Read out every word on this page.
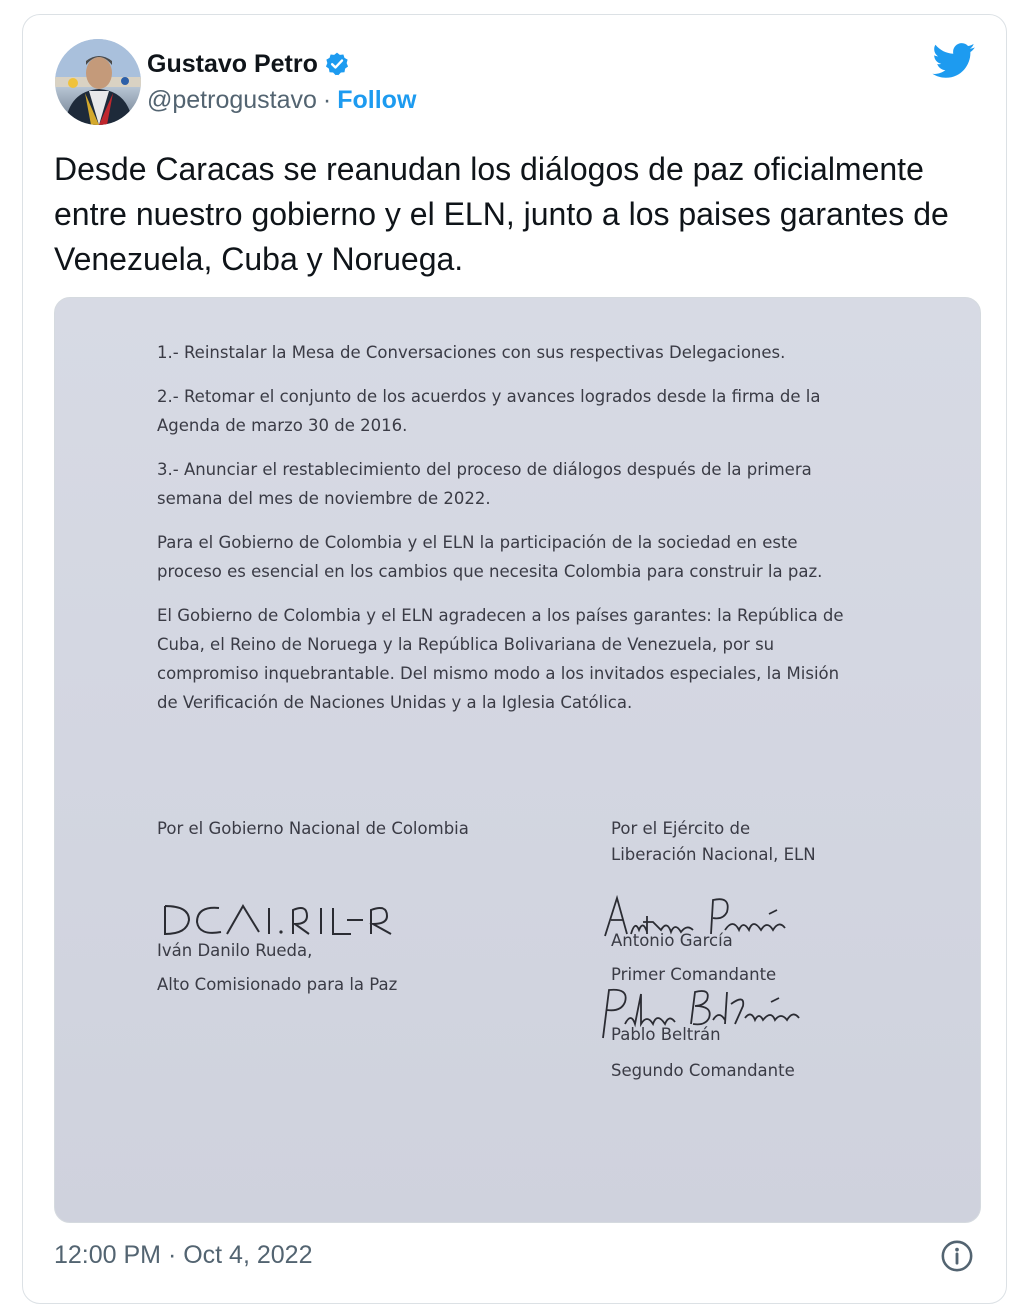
Gustavo Petro
@petrogustavo · Follow

Desde Caracas se reanudan los diálogos de paz oficialmente entre nuestro gobierno y el ELN, junto a los paises garantes de Venezuela, Cuba y Noruega.

1.- Reinstalar la Mesa de Conversaciones con sus respectivas Delegaciones.

2.- Retomar el conjunto de los acuerdos y avances logrados desde la firma de la Agenda de marzo 30 de 2016.

3.- Anunciar el restablecimiento del proceso de diálogos después de la primera semana del mes de noviembre de 2022.

Para el Gobierno de Colombia y el ELN la participación de la sociedad en este proceso es esencial en los cambios que necesita Colombia para construir la paz.

El Gobierno de Colombia y el ELN agradecen a los países garantes: la República de Cuba, el Reino de Noruega y la República Bolivariana de Venezuela, por su compromiso inquebrantable. Del mismo modo a los invitados especiales, la Misión de Verificación de Naciones Unidas y a la Iglesia Católica.

Por el Gobierno Nacional de Colombia
Iván Danilo Rueda,
Alto Comisionado para la Paz
Por el Ejército de
Liberación Nacional, ELN
Antonio García
Primer Comandante
Pablo Beltrán
Segundo Comandante
12:00 PM · Oct 4, 2022
